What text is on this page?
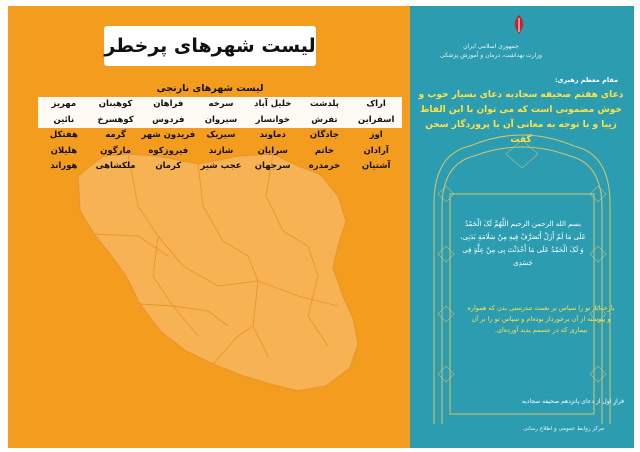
لیست شهرهای پرخطر
لیست شهرهای نارنجی
اراک
پلدشت
خلیل آباد
سرخه
فراهان
کوهبنان
مهریز
اسفراین
تفرش
خوانسار
سیروان
فردوس
کوهسرخ
نائین
اوز
جادگان
دماوند
سیریک
فریدون شهر
گرمه
هفتکل
آرادان
خاتم
سرایان
شازند
فیروزکوه
مارگون
هلیلان
آشتیان
خرمدره
سرجهان
عجب شیر
کرمان
ملکشاهی
هوراند
جمهوری اسلامی ایران
وزارت بهداشت، درمان و آموزش پزشکی
مقام معظم رهبری:
دعای هفتم صحیفه سجادیه دعای بسیار خوب و خوش مضمونی است که می توان با این الفاظ زیبا و با توجه به معانی آن با پروردگار سخن گفت
بسم الله الرحمن الرحیم اللَّهُمَّ لَکَ الْحَمْدُ عَلَى مَا لَمْ أَزَلْ أَتَصَرَّفُ فِیهِ مِنْ سَلَامَةِ بَدَنِی، وَ لَکَ الْحَمْدُ عَلَى مَا أَحْدَثْتَ بِی مِنْ عِلَّةٍ فِی جَسَدِی
بارخدایا، تو را سپاس بر نعمت تندرستی بدن که همواره و پیوسته از آن برخوردار بوده‌ام و سپاس تو را بر آن بیماری که در جسمم پدید آورده‌ای.
فرازِ اول از دعای پانزدهم صحیفه سجادیه
مرکز روابط عمومی و اطلاع رسانی
